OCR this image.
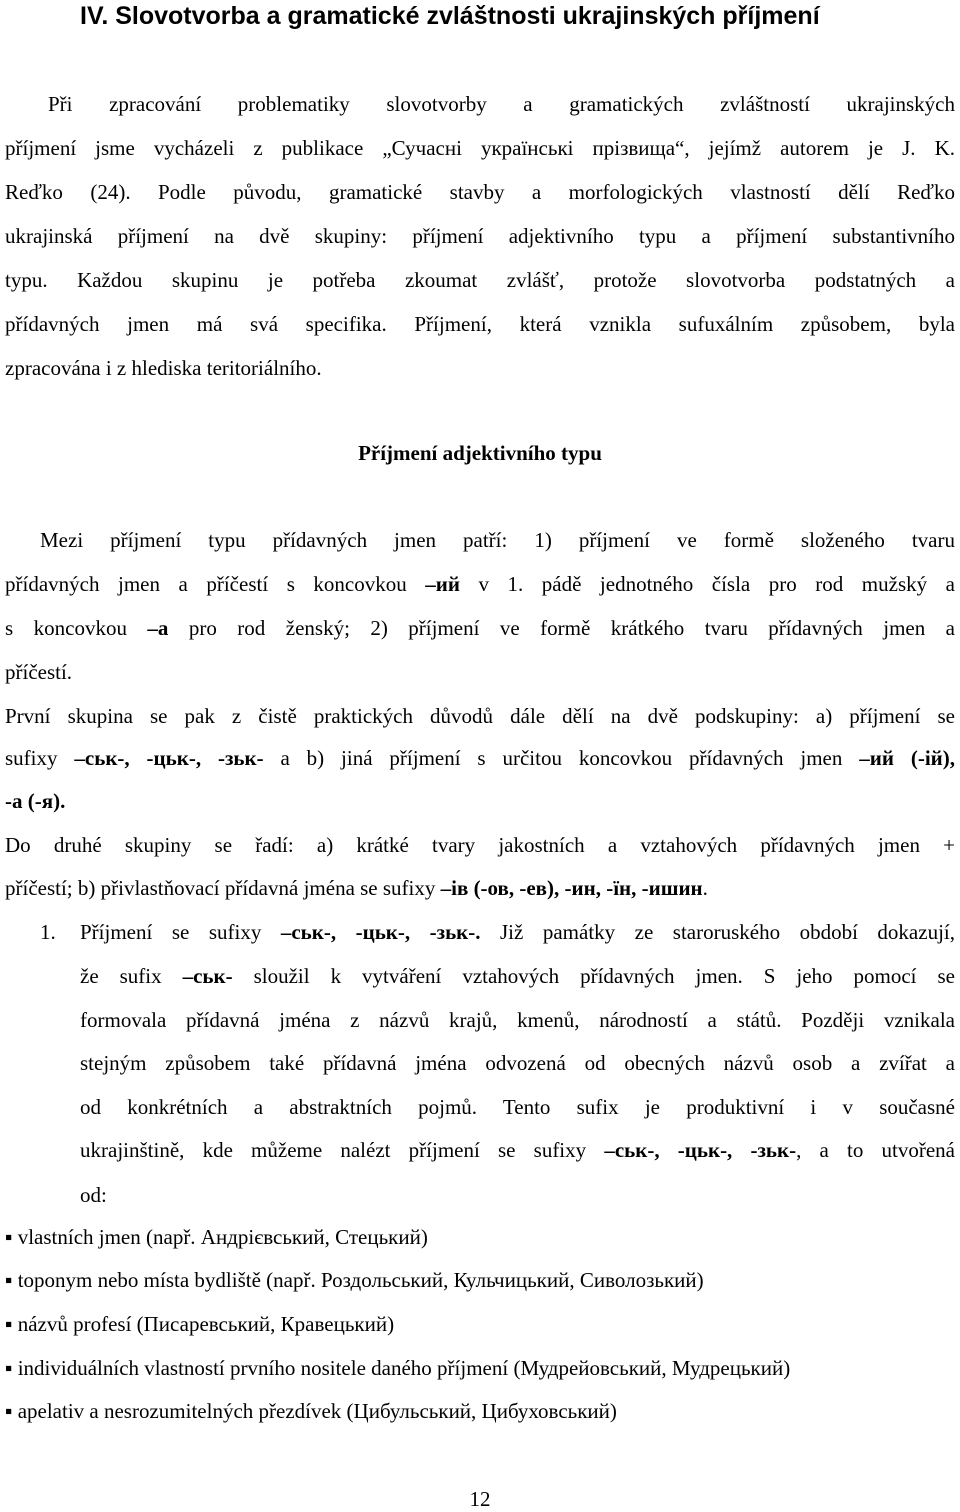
IV. Slovotvorba a gramatické zvláštnosti ukrajinských příjmení
Při zpracování problematiky slovotvorby a gramatických zvláštností ukrajinských
příjmení jsme vycházeli z publikace „Сучасні українські прізвища“, jejímž autorem je J. K.
Reďko (24). Podle původu, gramatické stavby a morfologických vlastností dělí Reďko
ukrajinská příjmení na dvě skupiny: příjmení adjektivního typu a příjmení substantivního
typu. Každou skupinu je potřeba zkoumat zvlášť, protože slovotvorba podstatných a
přídavných jmen má svá specifika. Příjmení, která vznikla sufuxálním způsobem, byla
zpracována i z hlediska teritoriálního.
Příjmení adjektivního typu
Mezi příjmení typu přídavných jmen patří: 1) příjmení ve formě složeného tvaru
přídavných jmen a příčestí s koncovkou –ий v 1. pádě jednotného čísla pro rod mužský a
s koncovkou –a pro rod ženský; 2) příjmení ve formě krátkého tvaru přídavných jmen a
příčestí.
První skupina se pak z čistě praktických důvodů dále dělí na dvě podskupiny: a) příjmení se
sufixy –ськ-, -цьк-, -зьк- a b) jiná příjmení s určitou koncovkou přídavných jmen –ий (-ій),
-а (-я).
Do druhé skupiny se řadí: a) krátké tvary jakostních a vztahových přídavných jmen +
příčestí; b) přivlastňovací přídavná jména se sufixy –ів (-ов, -ев), -ин, -їн, -ишин.
1. Příjmení se sufixy –ськ-, -цьк-, -зьк-. Již památky ze staroruského období dokazují,
že sufix –ськ- sloužil k vytváření vztahových přídavných jmen. S jeho pomocí se
formovala přídavná jména z názvů krajů, kmenů, národností a států. Později vznikala
stejným způsobem také přídavná jména odvozená od obecných názvů osob a zvířat a
od konkrétních a abstraktních pojmů. Tento sufix je produktivní i v současné
ukrajinštině, kde můžeme nalézt příjmení se sufixy –ськ-, -цьк-, -зьк-, a to utvořená
od:
▪ vlastních jmen (např. Андрієвський, Стецький)
▪ toponym nebo místa bydliště (např. Роздольський, Кульчицький, Сиволозький)
▪ názvů profesí (Писаревський, Кравецький)
▪ individuálních vlastností prvního nositele daného příjmení (Мудрейовський, Мудрецький)
▪ apelativ a nesrozumitelných přezdívek (Цибульський, Цибуховський)
12
